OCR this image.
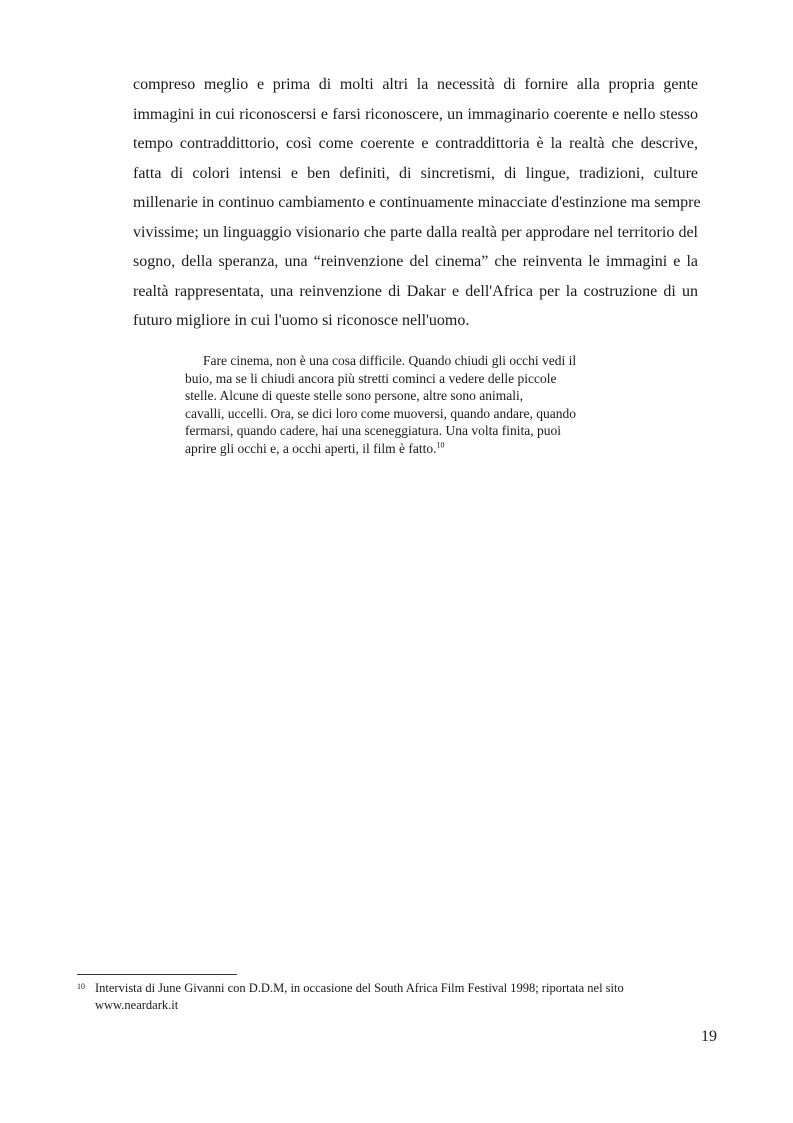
compreso meglio e prima di molti altri la necessità di fornire alla propria gente
immagini in cui riconoscersi e farsi riconoscere, un immaginario coerente e nello stesso
tempo contraddittorio, così come coerente e contraddittoria è la realtà che descrive,
fatta di colori intensi e ben definiti, di sincretismi, di lingue, tradizioni, culture
millenarie in continuo cambiamento e continuamente minacciate d'estinzione ma sempre
vivissime; un linguaggio visionario che parte dalla realtà per approdare nel territorio del
sogno, della speranza, una “reinvenzione del cinema” che reinventa le immagini e la
realtà rappresentata, una reinvenzione di Dakar e dell'Africa per la costruzione di un
futuro migliore in cui l'uomo si riconosce nell'uomo.
Fare cinema, non è una cosa difficile. Quando chiudi gli occhi vedi il
buio, ma se li chiudi ancora più stretti cominci a vedere delle piccole
stelle. Alcune di queste stelle sono persone, altre sono animali,
cavalli, uccelli. Ora, se dici loro come muoversi, quando andare, quando
fermarsi, quando cadere, hai una sceneggiatura. Una volta finita, puoi
aprire gli occhi e, a occhi aperti, il film è fatto.$^{10}$
10 Intervista di June Givanni con D.D.M, in occasione del South Africa Film Festival 1998; riportata nel sito
www.neardark.it
19
